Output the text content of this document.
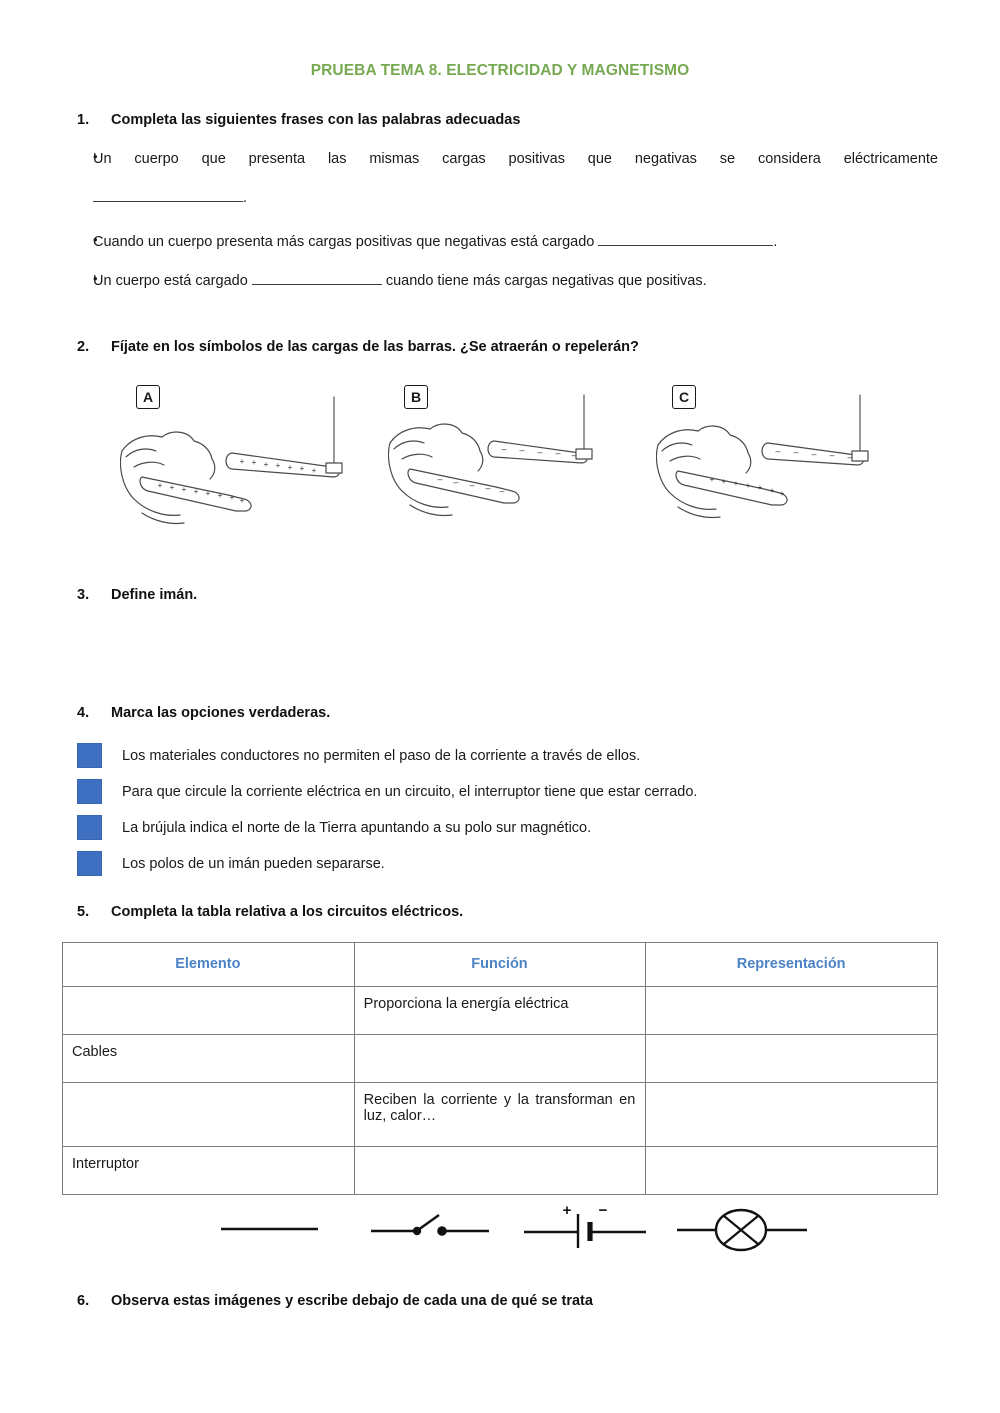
PRUEBA TEMA 8. ELECTRICIDAD Y MAGNETISMO
1.	Completa las siguientes frases con las palabras adecuadas
•
Un cuerpo que presenta las mismas cargas positivas que negativas se considera eléctricamente
.
•
Cuando un cuerpo presenta más cargas positivas que negativas está cargado	.
•
Un cuerpo está cargado	cuando tiene más cargas negativas que positivas.
2.	Fíjate en los símbolos de las cargas de las barras. ¿Se atraerán o repelerán?
A
+ + + + + + + +
+ + + + + + +
B
– – – – –
– – – – –
C
+ + + + + + +
– – – – –
3.	Define imán.
4.	Marca las opciones verdaderas.
Los materiales conductores no permiten el paso de la corriente a través de ellos.
Para que circule la corriente eléctrica en un circuito, el interruptor tiene que estar cerrado.
La brújula indica el norte de la Tierra apuntando a su polo sur magnético.
Los polos de un imán pueden separarse.
5.	Completa la tabla relativa a los circuitos eléctricos.
Elemento	Función	Representación
	Proporciona la energía eléctrica	
Cables		
	Reciben la corriente y la transforman en luz, calor…	
Interruptor		
+ −
6.	Observa estas imágenes y escribe debajo de cada una de qué se trata
